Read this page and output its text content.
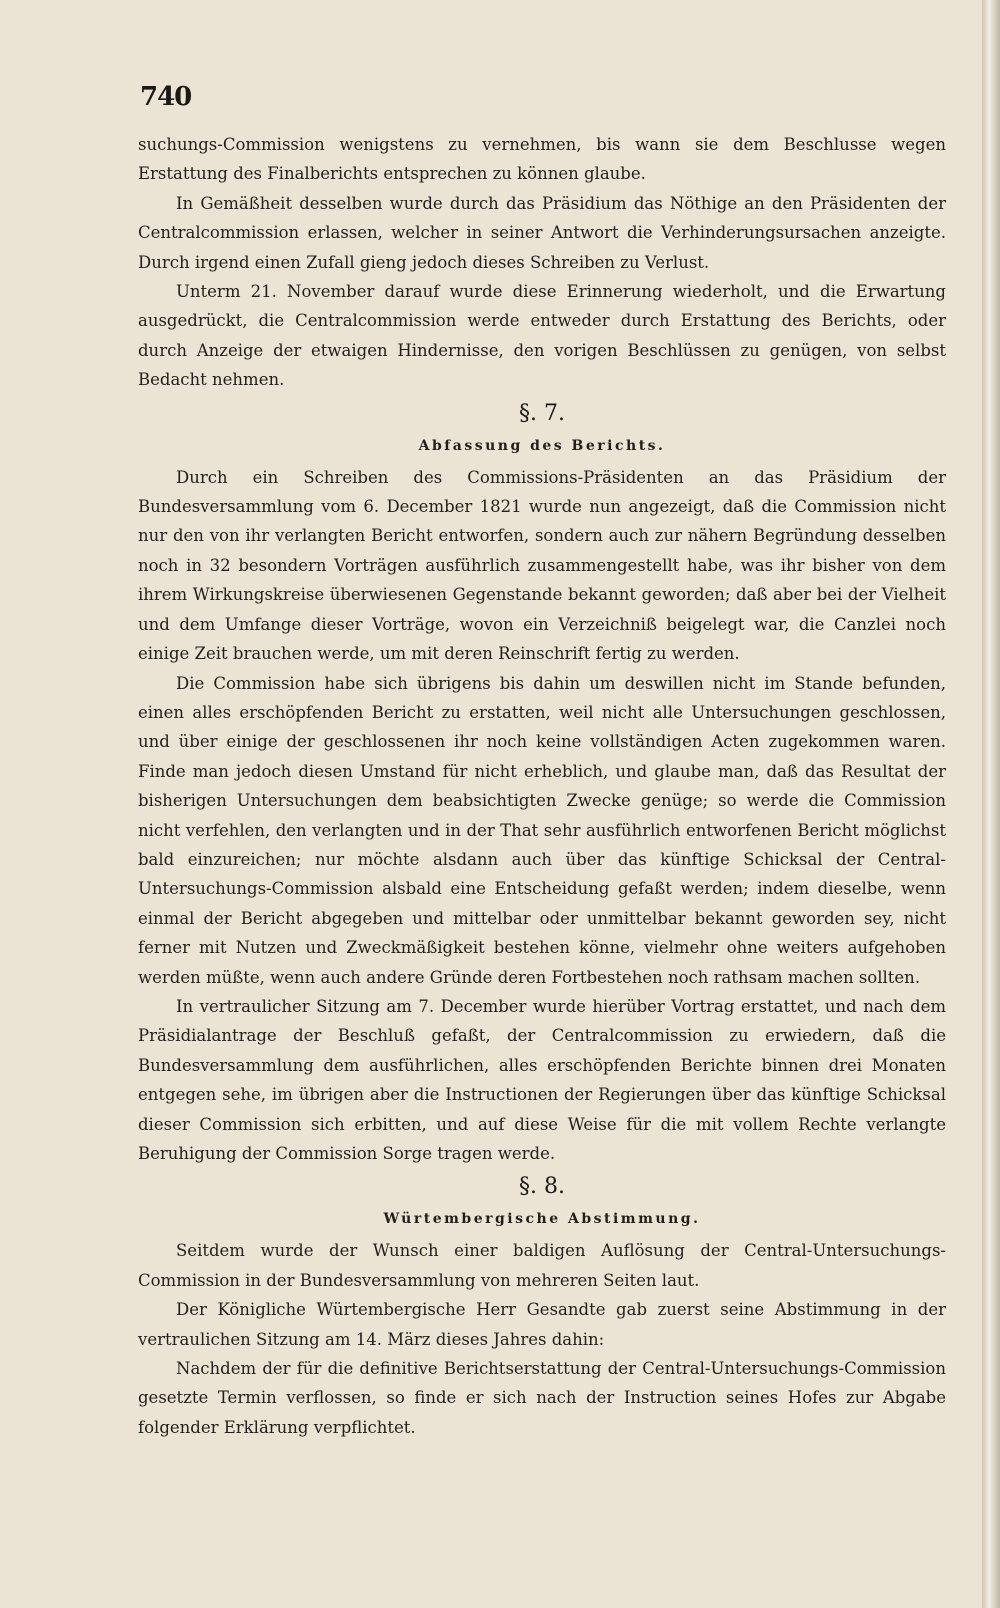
740

suchungs-Commission wenigstens zu vernehmen, bis wann sie dem Beschlusse wegen Erstattung des Finalberichts entsprechen zu können glaube.

In Gemäßheit desselben wurde durch das Präsidium das Nöthige an den Präsidenten der Centralcommission erlassen, welcher in seiner Antwort die Verhinderungsursachen anzeigte. Durch irgend einen Zufall gieng jedoch dieses Schreiben zu Verlust.

Unterm 21. November darauf wurde diese Erinnerung wiederholt, und die Erwartung ausgedrückt, die Centralcommission werde entweder durch Erstattung des Berichts, oder durch Anzeige der etwaigen Hindernisse, den vorigen Beschlüssen zu genügen, von selbst Bedacht nehmen.

§. 7.
Abfassung des Berichts.

Durch ein Schreiben des Commissions-Präsidenten an das Präsidium der Bundesversammlung vom 6. December 1821 wurde nun angezeigt, daß die Commission nicht nur den von ihr verlangten Bericht entworfen, sondern auch zur nähern Begründung desselben noch in 32 besondern Vorträgen ausführlich zusammengestellt habe, was ihr bisher von dem ihrem Wirkungskreise überwiesenen Gegenstande bekannt geworden; daß aber bei der Vielheit und dem Umfange dieser Vorträge, wovon ein Verzeichniß beigelegt war, die Canzlei noch einige Zeit brauchen werde, um mit deren Reinschrift fertig zu werden.

Die Commission habe sich übrigens bis dahin um deswillen nicht im Stande befunden, einen alles erschöpfenden Bericht zu erstatten, weil nicht alle Untersuchungen geschlossen, und über einige der geschlossenen ihr noch keine vollständigen Acten zugekommen waren. Finde man jedoch diesen Umstand für nicht erheblich, und glaube man, daß das Resultat der bisherigen Untersuchungen dem beabsichtigten Zwecke genüge; so werde die Commission nicht verfehlen, den verlangten und in der That sehr ausführlich entworfenen Bericht möglichst bald einzureichen; nur möchte alsdann auch über das künftige Schicksal der Central-Untersuchungs-Commission alsbald eine Entscheidung gefaßt werden; indem dieselbe, wenn einmal der Bericht abgegeben und mittelbar oder unmittelbar bekannt geworden sey, nicht ferner mit Nutzen und Zweckmäßigkeit bestehen könne, vielmehr ohne weiters aufgehoben werden müßte, wenn auch andere Gründe deren Fortbestehen noch rathsam machen sollten.

In vertraulicher Sitzung am 7. December wurde hierüber Vortrag erstattet, und nach dem Präsidialantrage der Beschluß gefaßt, der Centralcommission zu erwiedern, daß die Bundesversammlung dem ausführlichen, alles erschöpfenden Berichte binnen drei Monaten entgegen sehe, im übrigen aber die Instructionen der Regierungen über das künftige Schicksal dieser Commission sich erbitten, und auf diese Weise für die mit vollem Rechte verlangte Beruhigung der Commission Sorge tragen werde.

§. 8.
Würtembergische Abstimmung.

Seitdem wurde der Wunsch einer baldigen Auflösung der Central-Untersuchungs-Commission in der Bundesversammlung von mehreren Seiten laut.

Der Königliche Würtembergische Herr Gesandte gab zuerst seine Abstimmung in der vertraulichen Sitzung am 14. März dieses Jahres dahin:

Nachdem der für die definitive Berichtserstattung der Central-Untersuchungs-Commission gesetzte Termin verflossen, so finde er sich nach der Instruction seines Hofes zur Abgabe folgender Erklärung verpflichtet.
